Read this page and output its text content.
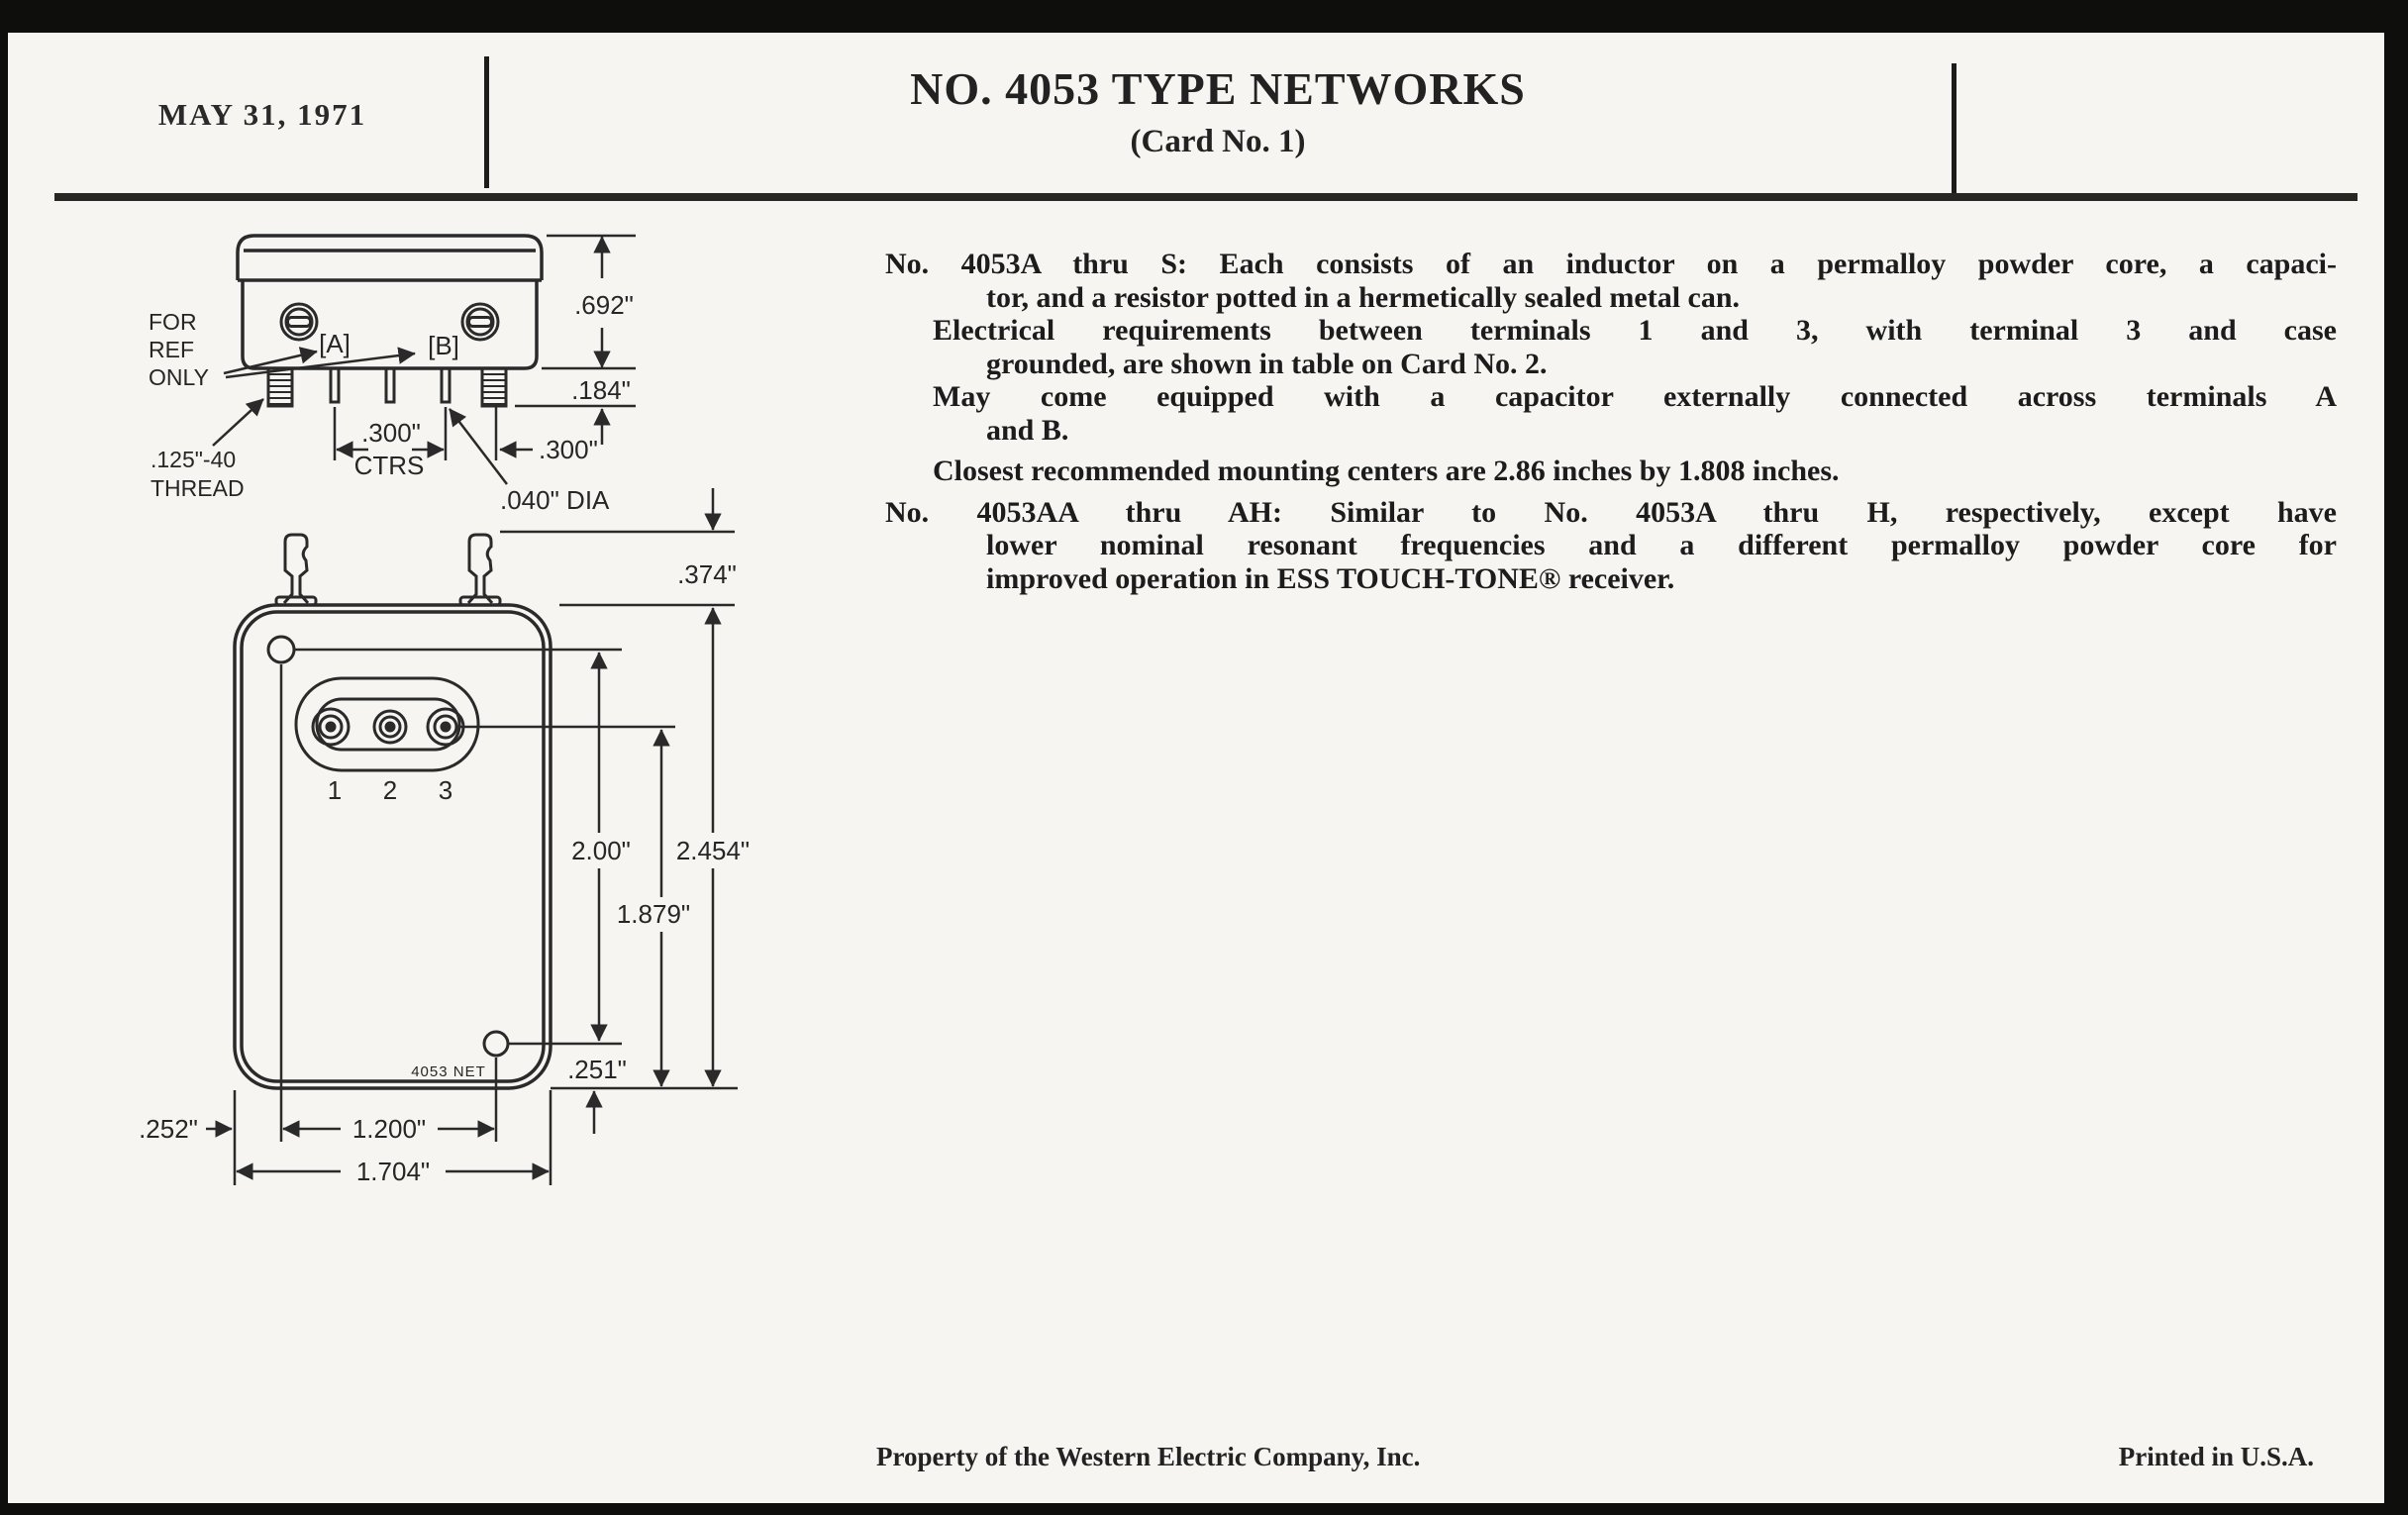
MAY 31, 1971
NO. 4053 TYPE NETWORKS
(Card No. 1)
No. 4053A thru S: Each consists of an inductor on a permalloy powder core, a capaci-
tor, and a resistor potted in a hermetically sealed metal can.
Electrical requirements between terminals 1 and 3, with terminal 3 and case
grounded, are shown in table on Card No. 2.
May come equipped with a capacitor externally connected across terminals A
and B.
Closest recommended mounting centers are 2.86 inches by 1.808 inches.
No. 4053AA thru AH: Similar to No. 4053A thru H, respectively, except have
lower nominal resonant frequencies and a different permalloy powder core for
improved operation in ESS TOUCH-TONE® receiver.
[A]	[B]
.692"
.184"
.300"
CTRS
.300"
.040" DIA
.125"-40
THREAD
FOR
REF
ONLY
1 2 3
4053 NET
.374"
2.00" 2.454"
1.879"
.251"
.252"	1.200"
1.704"
Property of the Western Electric Company, Inc.	Printed in U.S.A.
